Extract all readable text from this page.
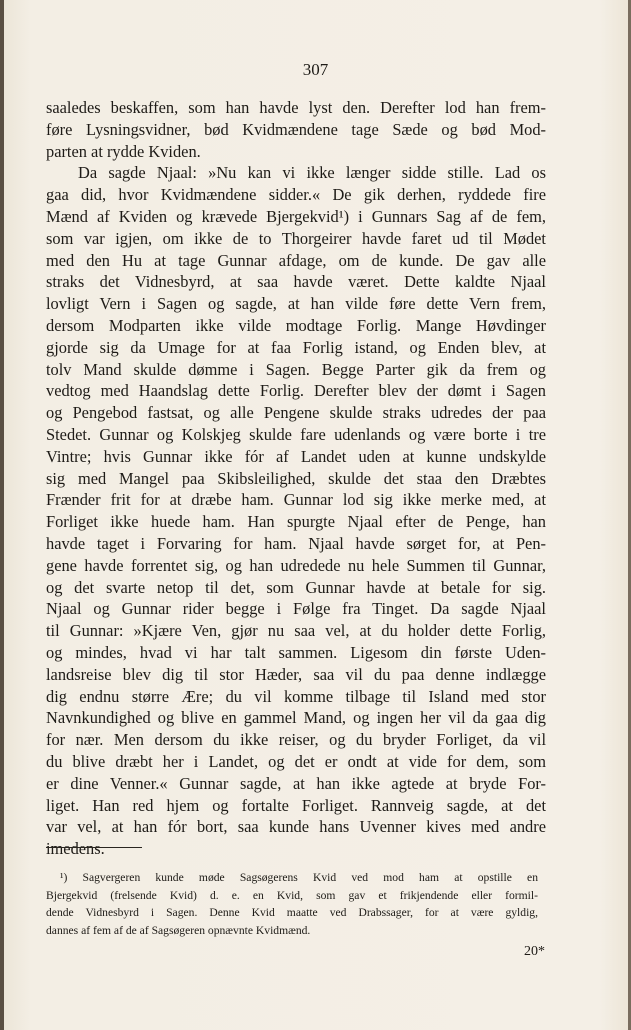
307
saaledes beskaffen, som han havde lyst den. Derefter lod han frem-
føre Lysningsvidner, bød Kvidmændene tage Sæde og bød Mod-
parten at rydde Kviden.
Da sagde Njaal: »Nu kan vi ikke længer sidde stille. Lad os
gaa did, hvor Kvidmændene sidder.« De gik derhen, ryddede fire
Mænd af Kviden og krævede Bjergekvid¹) i Gunnars Sag af de fem,
som var igjen, om ikke de to Thorgeirer havde faret ud til Mødet
med den Hu at tage Gunnar afdage, om de kunde. De gav alle
straks det Vidnesbyrd, at saa havde været. Dette kaldte Njaal
lovligt Vern i Sagen og sagde, at han vilde føre dette Vern frem,
dersom Modparten ikke vilde modtage Forlig. Mange Høvdinger
gjorde sig da Umage for at faa Forlig istand, og Enden blev, at
tolv Mand skulde dømme i Sagen. Begge Parter gik da frem og
vedtog med Haandslag dette Forlig. Derefter blev der dømt i Sagen
og Pengebod fastsat, og alle Pengene skulde straks udredes der paa
Stedet. Gunnar og Kolskjeg skulde fare udenlands og være borte i tre
Vintre; hvis Gunnar ikke fór af Landet uden at kunne undskylde
sig med Mangel paa Skibsleilighed, skulde det staa den Dræbtes
Frænder frit for at dræbe ham. Gunnar lod sig ikke merke med, at
Forliget ikke huede ham. Han spurgte Njaal efter de Penge, han
havde taget i Forvaring for ham. Njaal havde sørget for, at Pen-
gene havde forrentet sig, og han udredede nu hele Summen til Gunnar,
og det svarte netop til det, som Gunnar havde at betale for sig.
Njaal og Gunnar rider begge i Følge fra Tinget. Da sagde Njaal
til Gunnar: »Kjære Ven, gjør nu saa vel, at du holder dette Forlig,
og mindes, hvad vi har talt sammen. Ligesom din første Uden-
landsreise blev dig til stor Hæder, saa vil du paa denne indlægge
dig endnu større Ære; du vil komme tilbage til Island med stor
Navnkundighed og blive en gammel Mand, og ingen her vil da gaa dig
for nær. Men dersom du ikke reiser, og du bryder Forliget, da vil
du blive dræbt her i Landet, og det er ondt at vide for dem, som
er dine Venner.« Gunnar sagde, at han ikke agtede at bryde For-
liget. Han red hjem og fortalte Forliget. Rannveig sagde, at det
var vel, at han fór bort, saa kunde hans Uvenner kives med andre
imedens.
¹) Sagvergeren kunde møde Sagsøgerens Kvid ved mod ham at opstille en
Bjergekvid (frelsende Kvid) d. e. en Kvid, som gav et frikjendende eller formil-
dende Vidnesbyrd i Sagen. Denne Kvid maatte ved Drabssager, for at være gyldig,
dannes af fem af de af Sagsøgeren opnævnte Kvidmænd.
20*
